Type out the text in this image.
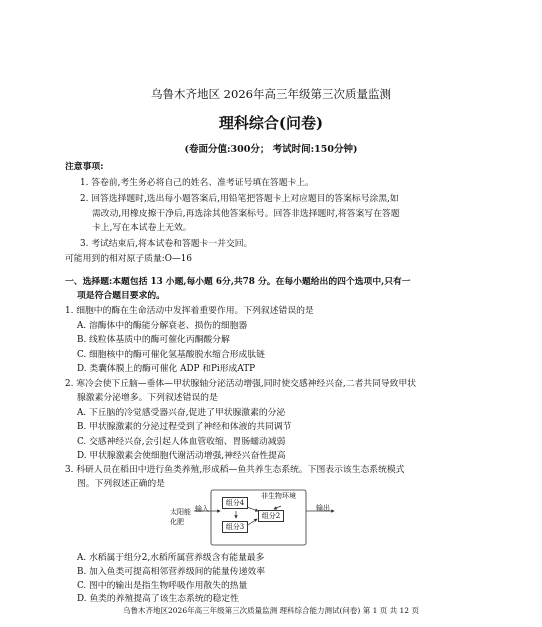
乌鲁木齐地区 2026年高三年级第三次质量监测
理科综合(问卷)
(卷面分值:300分； 考试时间:150分钟)
注意事项:
1. 答卷前,考生务必将自己的姓名、准考证号填在答题卡上。
2. 回答选择题时,选出每小题答案后,用铅笔把答题卡上对应题目的答案标号涂黑,如
需改动,用橡皮擦干净后,再选涂其他答案标号。回答非选择题时,将答案写在答题
卡上,写在本试卷上无效。
3. 考试结束后,将本试卷和答题卡一并交回。
可能用到的相对原子质量:O—16
一、选择题:本题包括 13 小题,每小题 6分,共78 分。在每小题给出的四个选项中,只有一
项是符合题目要求的。
1. 细胞中的酶在生命活动中发挥着重要作用。下列叙述错误的是
A. 溶酶体中的酶能分解衰老、损伤的细胞器
B. 线粒体基质中的酶可催化丙酮酸分解
C. 细胞核中的酶可催化氢基酸脱水缩合形成肽链
D. 类囊体膜上的酶可催化 ADP 和Pi形成ATP
2. 寒冷会使下丘脑—垂体—甲状腺轴分泌活动增强,同时使交感神经兴奋,二者共同导致甲状
腺激素分泌增多。下列叙述错误的是
A. 下丘脑的冷觉感受器兴奋,促进了甲状腺激素的分泌
B. 甲状腺激素的分泌过程受到了神经和体液的共同调节
C. 交感神经兴奋,会引起人体血管收缩、胃肠蠕动减弱
D. 甲状腺激素会使细胞代谢活动增强,神经兴奋性提高
3. 科研人员在稻田中进行鱼类养殖,形成稻—鱼共养生态系统。下图表示该生态系统模式
图。下列叙述正确的是
太阳能
化肥
输入
非生物环境
组分4
组分2
组分3
输出
A. 水稻属于组分2,水稻所属营养级含有能量最多
B. 加入鱼类可提高相邻营养级间的能量传递效率
C. 图中的输出是指生物呼吸作用散失的热量
D. 鱼类的养殖提高了该生态系统的稳定性
乌鲁木齐地区2026年高三年级第三次质量监测 理科综合能力测试(问卷) 第 1 页 共 12 页
